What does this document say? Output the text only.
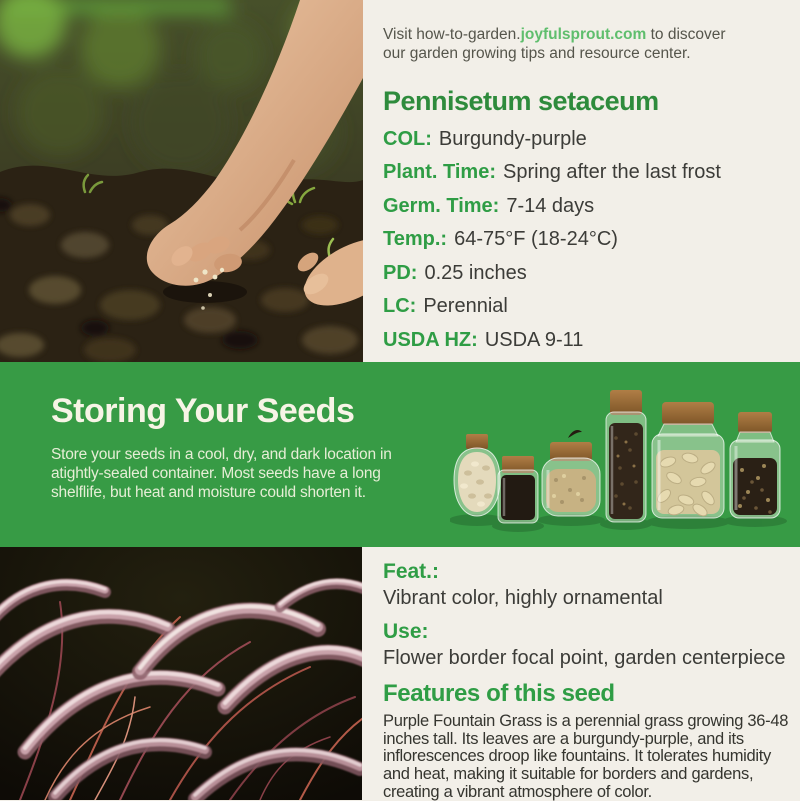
Visit how-to-garden.joyfulsprout.com to discover
our garden growing tips and resource center.
Pennisetum setaceum
COL: Burgundy-purple
Plant. Time: Spring after the last frost
Germ. Time: 7-14 days
Temp.: 64-75°F (18-24°C)
PD: 0.25 inches
LC: Perennial
USDA HZ: USDA 9-11
Storing Your Seeds
Store your seeds in a cool, dry, and dark location in atightly-sealed container. Most seeds have a long shelflife, but heat and moisture could shorten it.

Feat.:

Vibrant color, highly ornamental

Use:

Flower border focal point, garden centerpiece

Features of this seed

Purple Fountain Grass is a perennial grass growing 36-48 inches tall. Its leaves are a burgundy-purple, and its inflorescences droop like fountains. It tolerates humidity and heat, making it suitable for borders and gardens, creating a vibrant atmosphere of color.
